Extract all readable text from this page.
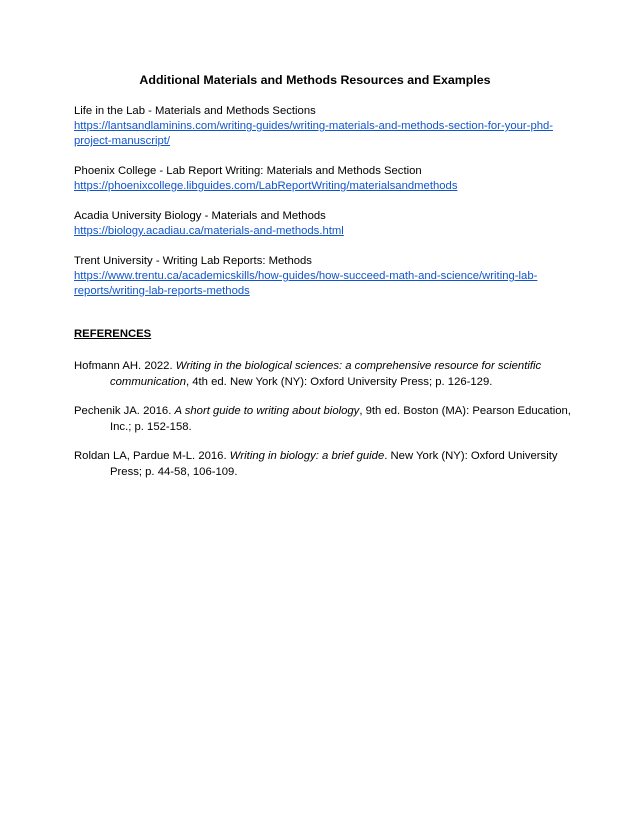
Additional Materials and Methods Resources and Examples

Life in the Lab - Materials and Methods Sections

https://lantsandlaminins.com/writing-guides/writing-materials-and-methods-section-for-your-phd-
project-manuscript/

Phoenix College - Lab Report Writing: Materials and Methods Section

https://phoenixcollege.libguides.com/LabReportWriting/materialsandmethods

Acadia University Biology - Materials and Methods

https://biology.acadiau.ca/materials-and-methods.html

Trent University - Writing Lab Reports: Methods

https://www.trentu.ca/academicskills/how-guides/how-succeed-math-and-science/writing-lab-
reports/writing-lab-reports-methods

REFERENCES

Hofmann AH. 2022. Writing in the biological sciences: a comprehensive resource for scientific communication, 4th ed. New York (NY): Oxford University Press; p. 126-129.

Pechenik JA. 2016. A short guide to writing about biology, 9th ed. Boston (MA): Pearson Education, Inc.; p. 152-158.

Roldan LA, Pardue M-L. 2016. Writing in biology: a brief guide. New York (NY): Oxford University Press; p. 44-58, 106-109.
